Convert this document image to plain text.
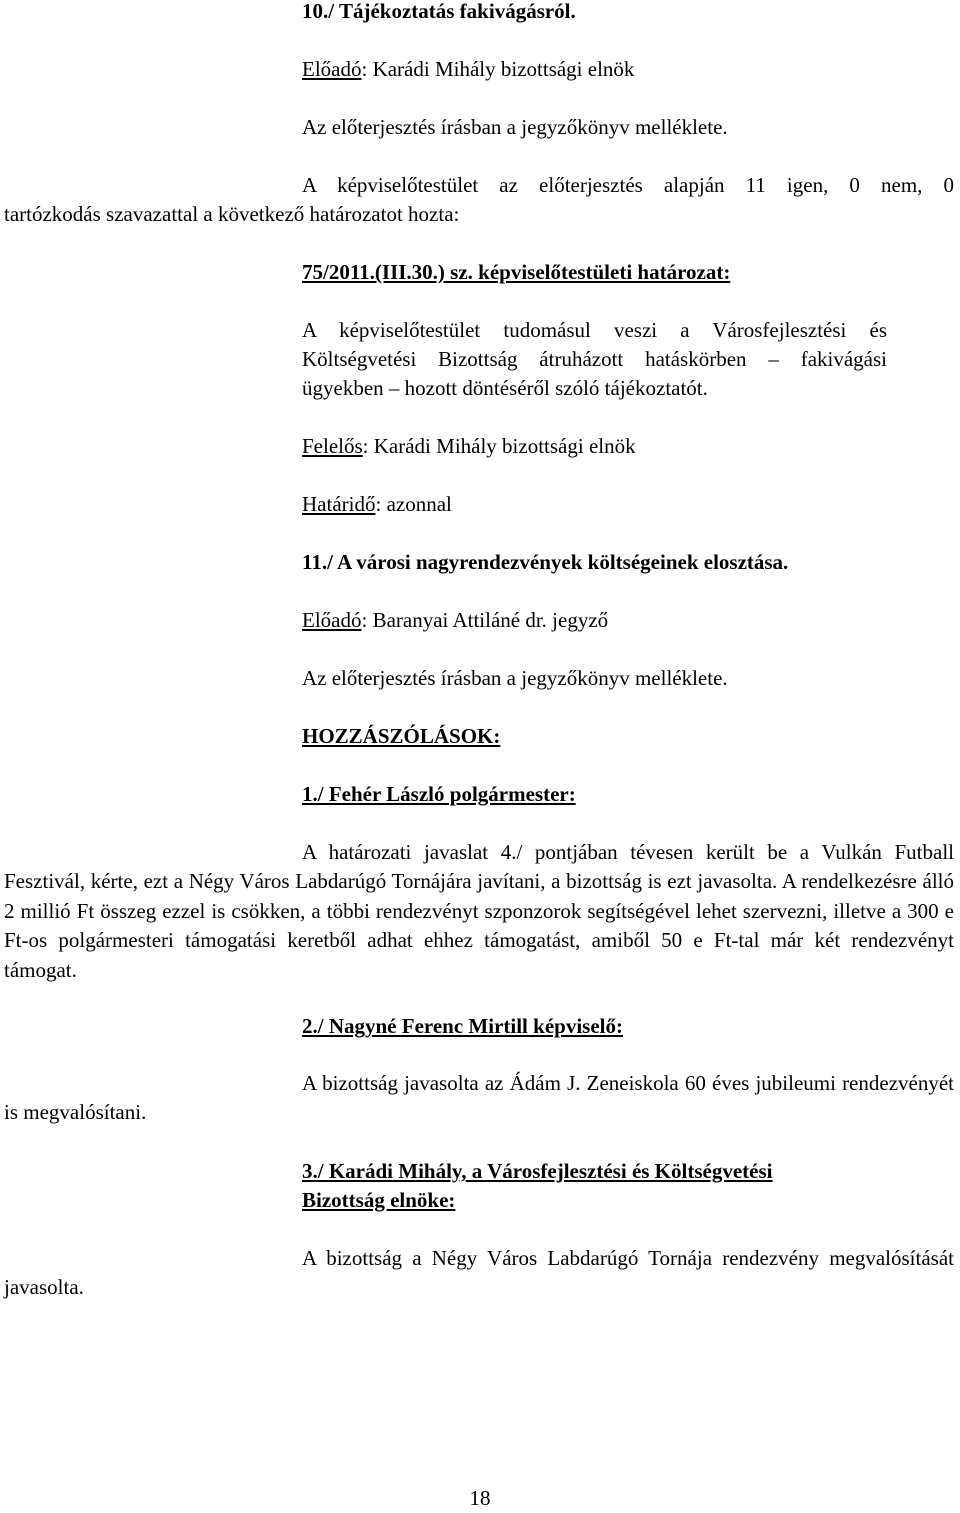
10./ Tájékoztatás fakivágásról.
Előadó: Karádi Mihály bizottsági elnök
Az előterjesztés írásban a jegyzőkönyv melléklete.
A képviselőtestület az előterjesztés alapján 11 igen, 0 nem, 0
tartózkodás szavazattal a következő határozatot hozta:
75/2011.(III.30.) sz. képviselőtestületi határozat:
A képviselőtestület tudomásul veszi a Városfejlesztési és
Költségvetési Bizottság átruházott hatáskörben – fakivágási
ügyekben – hozott döntéséről szóló tájékoztatót.
Felelős: Karádi Mihály bizottsági elnök
Határidő: azonnal
11./ A városi nagyrendezvények költségeinek elosztása.
Előadó: Baranyai Attiláné dr. jegyző
Az előterjesztés írásban a jegyzőkönyv melléklete.
HOZZÁSZÓLÁSOK:
1./ Fehér László polgármester:
A határozati javaslat 4./ pontjában tévesen került be a Vulkán Futball Fesztivál, kérte, ezt a Négy Város Labdarúgó Tornájára javítani, a bizottság is ezt javasolta. A rendelkezésre álló 2 millió Ft összeg ezzel is csökken, a többi rendezvényt szponzorok segítségével lehet szervezni, illetve a 300 e Ft-os polgármesteri támogatási keretből adhat ehhez támogatást, amiből 50 e Ft-tal már két rendezvényt támogat.
2./ Nagyné Ferenc Mirtill képviselő:
A bizottság javasolta az Ádám J. Zeneiskola 60 éves jubileumi rendezvényét is megvalósítani.
3./ Karádi Mihály, a Városfejlesztési és Költségvetési
Bizottság elnöke:
A bizottság a Négy Város Labdarúgó Tornája rendezvény megvalósítását javasolta.
18
